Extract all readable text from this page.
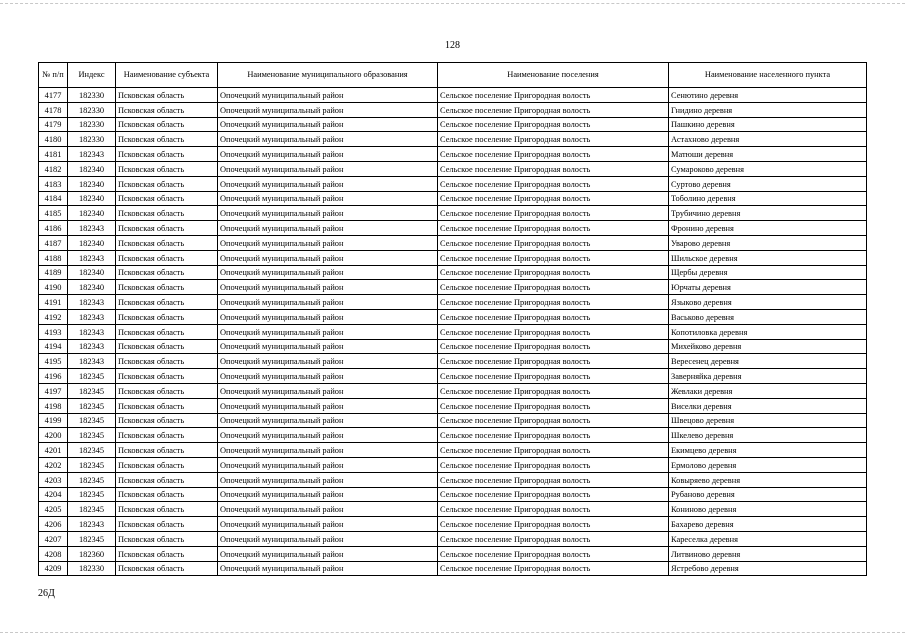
128
№ п/п	Индекс	Наименование субъекта	Наименование муниципального образования	Наименование поселения	Наименование населенного пункта
4177	182330	Псковская область	Опочецкий муниципальный район	Сельское поселение Пригородная волость	Сенютино деревня
4178	182330	Псковская область	Опочецкий муниципальный район	Сельское поселение Пригородная волость	Гнидино деревня
4179	182330	Псковская область	Опочецкий муниципальный район	Сельское поселение Пригородная волость	Пашкино деревня
4180	182330	Псковская область	Опочецкий муниципальный район	Сельское поселение Пригородная волость	Астахново деревня
4181	182343	Псковская область	Опочецкий муниципальный район	Сельское поселение Пригородная волость	Матюши деревня
4182	182340	Псковская область	Опочецкий муниципальный район	Сельское поселение Пригородная волость	Сумароково деревня
4183	182340	Псковская область	Опочецкий муниципальный район	Сельское поселение Пригородная волость	Суртово деревня
4184	182340	Псковская область	Опочецкий муниципальный район	Сельское поселение Пригородная волость	Тоболино деревня
4185	182340	Псковская область	Опочецкий муниципальный район	Сельское поселение Пригородная волость	Трубичино деревня
4186	182343	Псковская область	Опочецкий муниципальный район	Сельское поселение Пригородная волость	Фронино деревня
4187	182340	Псковская область	Опочецкий муниципальный район	Сельское поселение Пригородная волость	Уварово деревня
4188	182343	Псковская область	Опочецкий муниципальный район	Сельское поселение Пригородная волость	Шильское деревня
4189	182340	Псковская область	Опочецкий муниципальный район	Сельское поселение Пригородная волость	Щербы деревня
4190	182340	Псковская область	Опочецкий муниципальный район	Сельское поселение Пригородная волость	Юрчаты деревня
4191	182343	Псковская область	Опочецкий муниципальный район	Сельское поселение Пригородная волость	Языково деревня
4192	182343	Псковская область	Опочецкий муниципальный район	Сельское поселение Пригородная волость	Васьково деревня
4193	182343	Псковская область	Опочецкий муниципальный район	Сельское поселение Пригородная волость	Копотиловка деревня
4194	182343	Псковская область	Опочецкий муниципальный район	Сельское поселение Пригородная волость	Михейково деревня
4195	182343	Псковская область	Опочецкий муниципальный район	Сельское поселение Пригородная волость	Вересенец деревня
4196	182345	Псковская область	Опочецкий муниципальный район	Сельское поселение Пригородная волость	Заверняйка деревня
4197	182345	Псковская область	Опочецкий муниципальный район	Сельское поселение Пригородная волость	Жевлаки деревня
4198	182345	Псковская область	Опочецкий муниципальный район	Сельское поселение Пригородная волость	Виселки деревня
4199	182345	Псковская область	Опочецкий муниципальный район	Сельское поселение Пригородная волость	Швецово деревня
4200	182345	Псковская область	Опочецкий муниципальный район	Сельское поселение Пригородная волость	Шкелево деревня
4201	182345	Псковская область	Опочецкий муниципальный район	Сельское поселение Пригородная волость	Екимцево деревня
4202	182345	Псковская область	Опочецкий муниципальный район	Сельское поселение Пригородная волость	Ермолово деревня
4203	182345	Псковская область	Опочецкий муниципальный район	Сельское поселение Пригородная волость	Ковыряево деревня
4204	182345	Псковская область	Опочецкий муниципальный район	Сельское поселение Пригородная волость	Рубаново деревня
4205	182345	Псковская область	Опочецкий муниципальный район	Сельское поселение Пригородная волость	Кониново деревня
4206	182343	Псковская область	Опочецкий муниципальный район	Сельское поселение Пригородная волость	Бахарево деревня
4207	182345	Псковская область	Опочецкий муниципальный район	Сельское поселение Пригородная волость	Кареселка деревня
4208	182360	Псковская область	Опочецкий муниципальный район	Сельское поселение Пригородная волость	Литвиново деревня
4209	182330	Псковская область	Опочецкий муниципальный район	Сельское поселение Пригородная волость	Ястребово деревня
26Д
